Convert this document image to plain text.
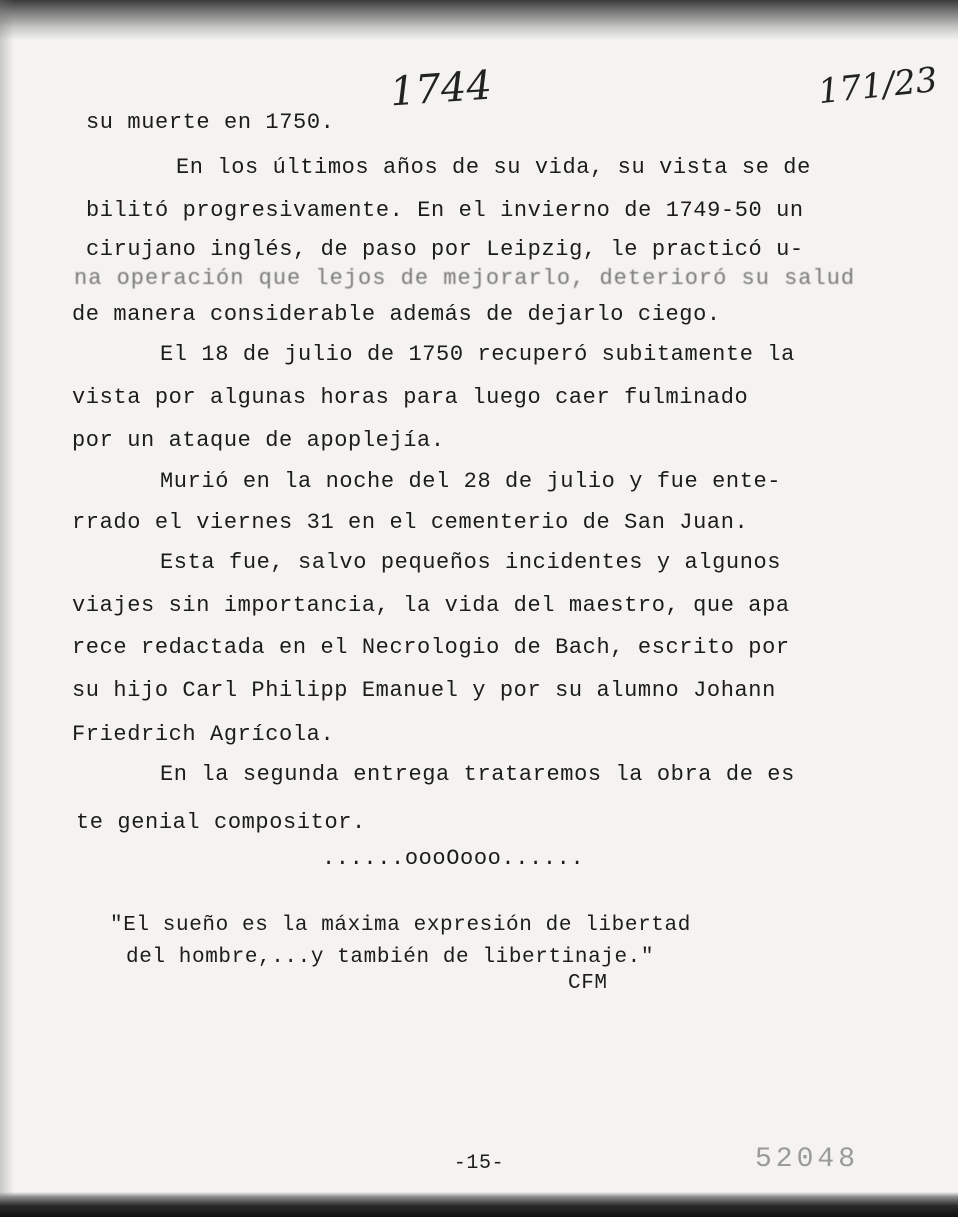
1744	171/23
su muerte en 1750.
En los últimos años de su vida, su vista se de
bilitó progresivamente. En el invierno de 1749-50 un
cirujano inglés, de paso por Leipzig, le practicó u-
na operación que lejos de mejorarlo, deterioró su salud
de manera considerable además de dejarlo ciego.
El 18 de julio de 1750 recuperó subitamente la
vista por algunas horas para luego caer fulminado
por un ataque de apoplejía.
Murió en la noche del 28 de julio y fue ente-
rrado el viernes 31 en el cementerio de San Juan.
Esta fue, salvo pequeños incidentes y algunos
viajes sin importancia, la vida del maestro, que apa
rece redactada en el Necrologio de Bach, escrito por
su hijo Carl Philipp Emanuel y por su alumno Johann
Friedrich Agrícola.
En la segunda entrega trataremos la obra de es
te genial compositor.
......oooOooo......
"El sueño es la máxima expresión de libertad
del hombre,...y también de libertinaje."
CFM
-15-	52048
